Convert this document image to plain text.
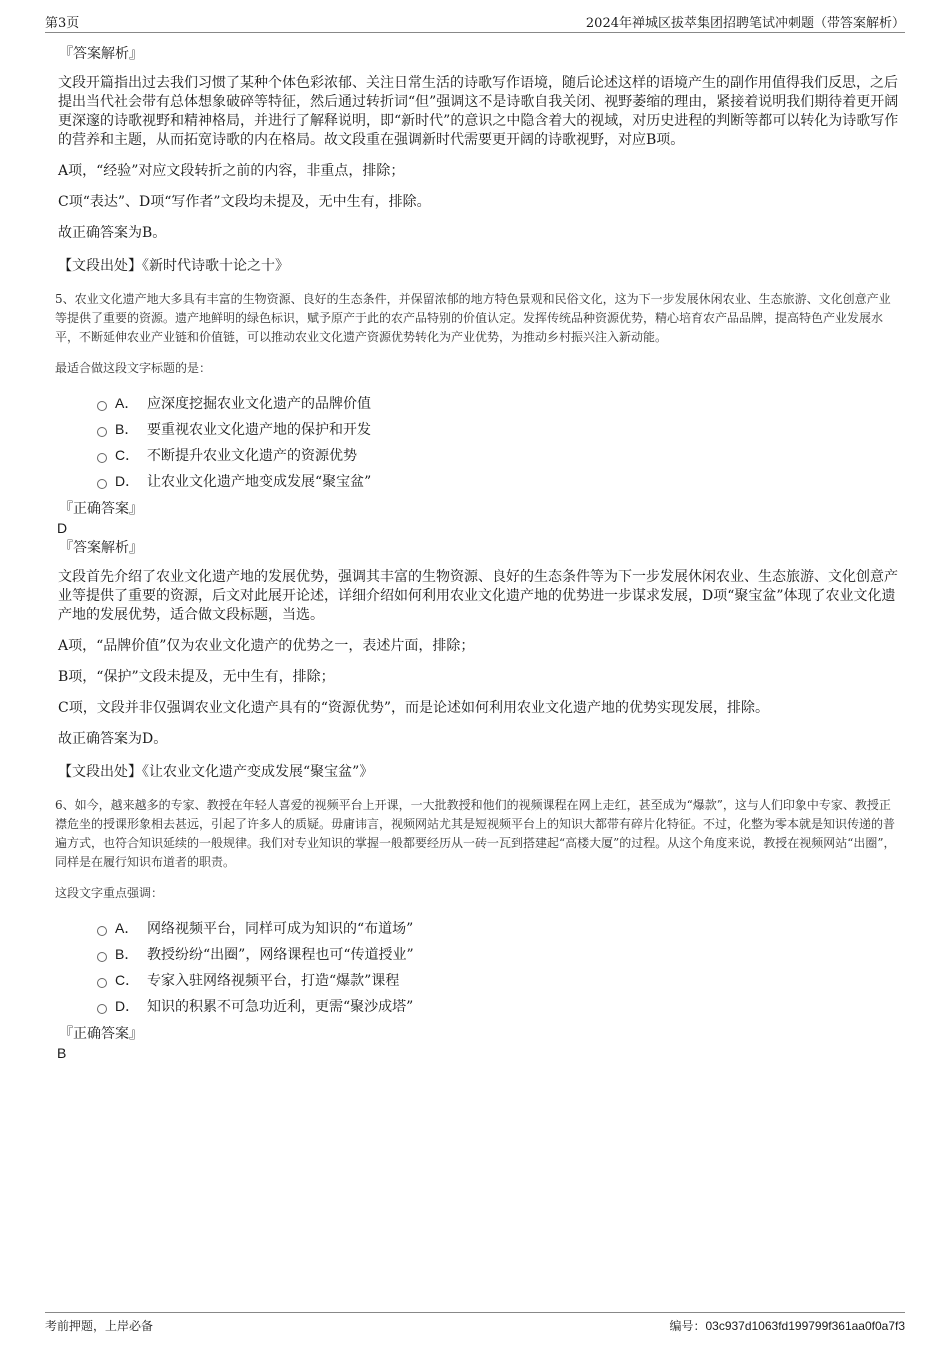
第3页	2024年禅城区拔萃集团招聘笔试冲刺题（带答案解析）
『答案解析』
文段开篇指出过去我们习惯了某种个体色彩浓郁、关注日常生活的诗歌写作语境，随后论述这样的语境产生的副作用值得我们反思，之后提出当代社会带有总体想象破碎等特征，然后通过转折词“但”强调这不是诗歌自我关闭、视野萎缩的理由，紧接着说明我们期待着更开阔更深邃的诗歌视野和精神格局，并进行了解释说明，即“新时代”的意识之中隐含着大的视域，对历史进程的判断等都可以转化为诗歌写作的营养和主题，从而拓宽诗歌的内在格局。故文段重在强调新时代需要更开阔的诗歌视野，对应B项。
A项，“经验”对应文段转折之前的内容，非重点，排除；
C项“表达”、D项“写作者”文段均未提及，无中生有，排除。
故正确答案为B。
【文段出处】《新时代诗歌十论之十》
5、农业文化遗产地大多具有丰富的生物资源、良好的生态条件，并保留浓郁的地方特色景观和民俗文化，这为下一步发展休闲农业、生态旅游、文化创意产业等提供了重要的资源。遗产地鲜明的绿色标识，赋予原产于此的农产品特别的价值认定。发挥传统品种资源优势，精心培育农产品品牌，提高特色产业发展水平，不断延伸农业产业链和价值链，可以推动农业文化遗产资源优势转化为产业优势，为推动乡村振兴注入新动能。
最适合做这段文字标题的是：
A． 应深度挖掘农业文化遗产的品牌价值
B． 要重视农业文化遗产地的保护和开发
C． 不断提升农业文化遗产的资源优势
D． 让农业文化遗产地变成发展“聚宝盆”
『正确答案』
D
『答案解析』
文段首先介绍了农业文化遗产地的发展优势，强调其丰富的生物资源、良好的生态条件等为下一步发展休闲农业、生态旅游、文化创意产业等提供了重要的资源，后文对此展开论述，详细介绍如何利用农业文化遗产地的优势进一步谋求发展，D项“聚宝盆”体现了农业文化遗产地的发展优势，适合做文段标题，当选。
A项，“品牌价值”仅为农业文化遗产的优势之一，表述片面，排除；
B项，“保护”文段未提及，无中生有，排除；
C项，文段并非仅强调农业文化遗产具有的“资源优势”，而是论述如何利用农业文化遗产地的优势实现发展，排除。
故正确答案为D。
【文段出处】《让农业文化遗产变成发展“聚宝盆”》
6、如今，越来越多的专家、教授在年轻人喜爱的视频平台上开课，一大批教授和他们的视频课程在网上走红，甚至成为“爆款”，这与人们印象中专家、教授正襟危坐的授课形象相去甚远，引起了许多人的质疑。毋庸讳言，视频网站尤其是短视频平台上的知识大都带有碎片化特征。不过，化整为零本就是知识传递的普遍方式，也符合知识延续的一般规律。我们对专业知识的掌握一般都要经历从一砖一瓦到搭建起“高楼大厦”的过程。从这个角度来说，教授在视频网站“出圈”，同样是在履行知识布道者的职责。
这段文字重点强调：
A． 网络视频平台，同样可成为知识的“布道场”
B． 教授纷纷“出圈”，网络课程也可“传道授业”
C． 专家入驻网络视频平台，打造“爆款”课程
D． 知识的积累不可急功近利，更需“聚沙成塔”
『正确答案』
B
考前押题，上岸必备	编号：03c937d1063fd199799f361aa0f0a7f3
